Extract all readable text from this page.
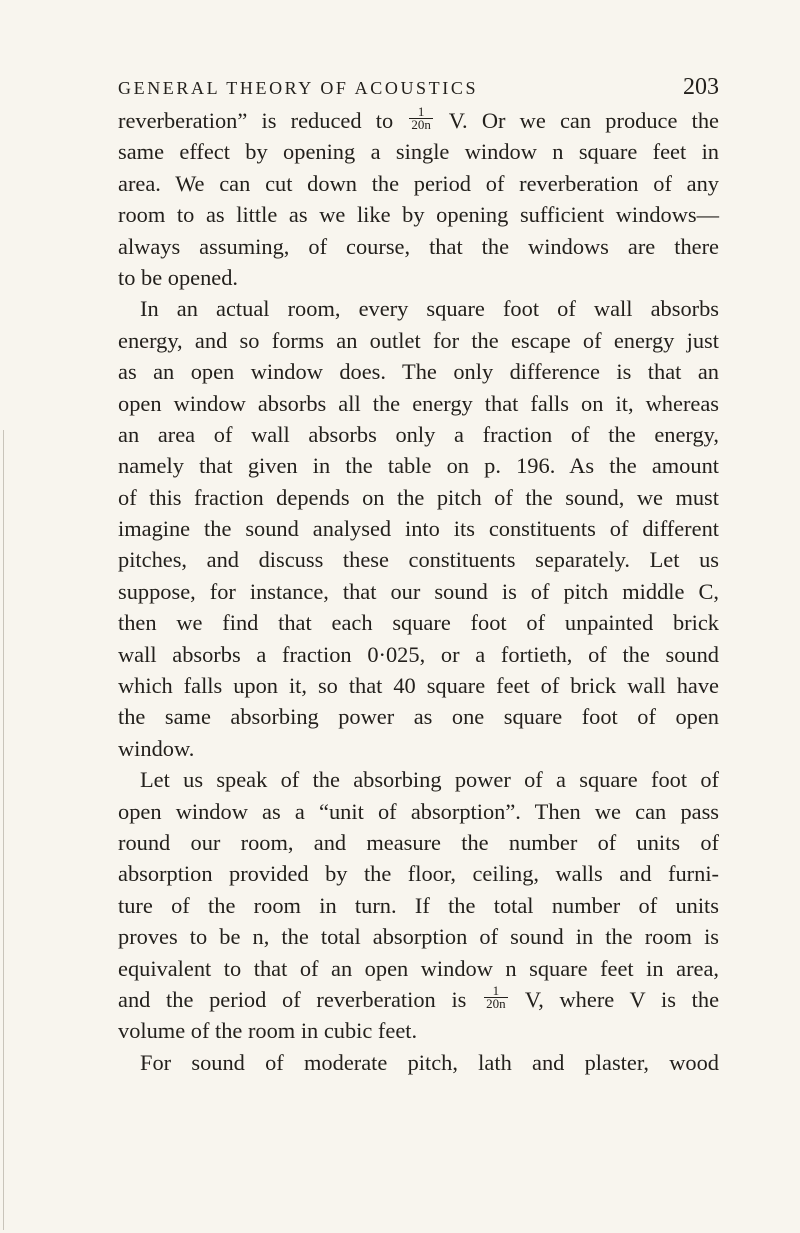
GENERAL THEORY OF ACOUSTICS	203
reverberation” is reduced to $\frac{1}{20n} V$. Or we can produce the
same effect by opening a single window n square feet in
area. We can cut down the period of reverberation of any
room to as little as we like by opening sufficient windows—
always assuming, of course, that the windows are there
to be opened.
In an actual room, every square foot of wall absorbs
energy, and so forms an outlet for the escape of energy just
as an open window does. The only difference is that an
open window absorbs all the energy that falls on it, whereas
an area of wall absorbs only a fraction of the energy,
namely that given in the table on p. 196. As the amount
of this fraction depends on the pitch of the sound, we must
imagine the sound analysed into its constituents of different
pitches, and discuss these constituents separately. Let us
suppose, for instance, that our sound is of pitch middle C,
then we find that each square foot of unpainted brick
wall absorbs a fraction 0·025, or a fortieth, of the sound
which falls upon it, so that 40 square feet of brick wall have
the same absorbing power as one square foot of open
window.
Let us speak of the absorbing power of a square foot of
open window as a “unit of absorption”. Then we can pass
round our room, and measure the number of units of
absorption provided by the floor, ceiling, walls and furni-
ture of the room in turn. If the total number of units
proves to be n, the total absorption of sound in the room is
equivalent to that of an open window n square feet in area,
and the period of reverberation is $\frac{1}{20n} V$, where V is the
volume of the room in cubic feet.
For sound of moderate pitch, lath and plaster, wood
